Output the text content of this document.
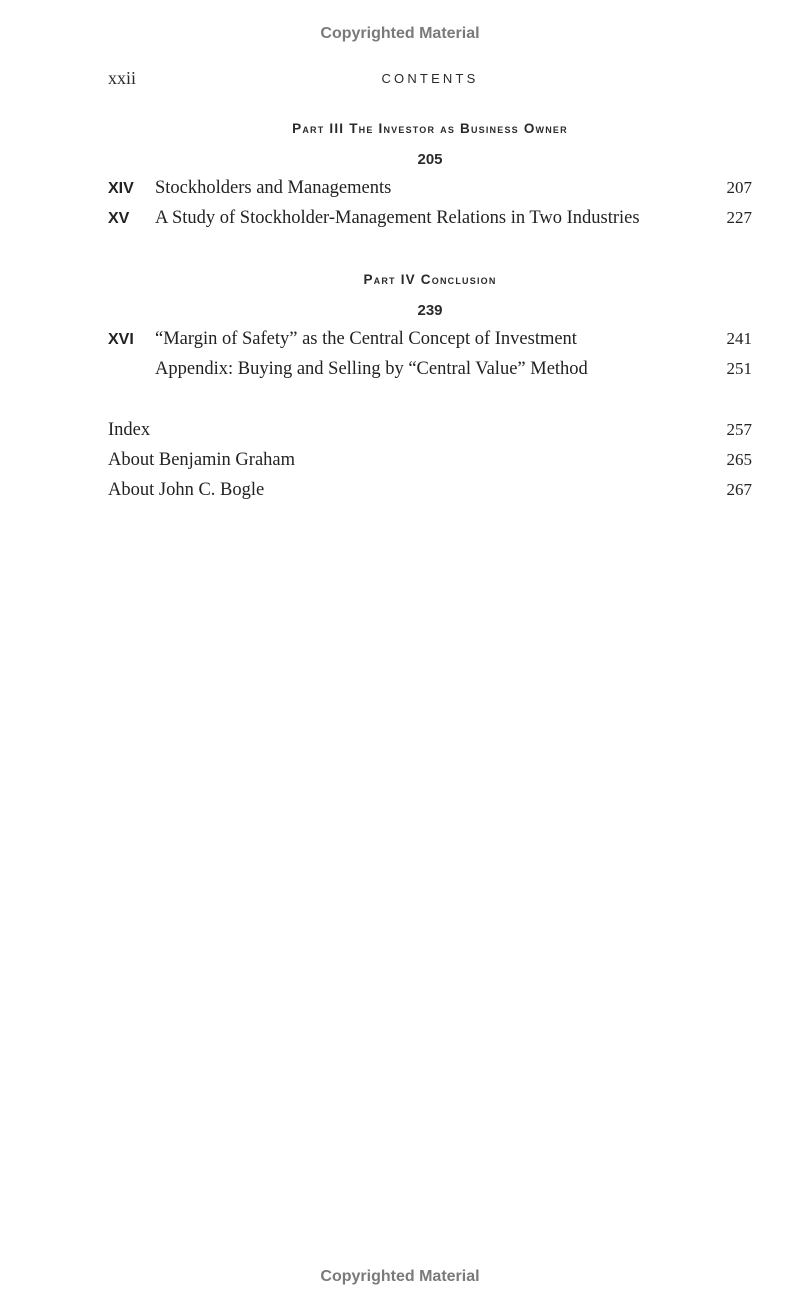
Copyrighted Material
xxii	CONTENTS
Part III The Investor as Business Owner
205
XIV Stockholders and Managements	207
XV A Study of Stockholder-Management Relations in Two Industries	227
Part IV Conclusion
239
XVI “Margin of Safety” as the Central Concept of Investment	241
Appendix: Buying and Selling by “Central Value” Method	251
Index	257
About Benjamin Graham	265
About John C. Bogle	267
Copyrighted Material
